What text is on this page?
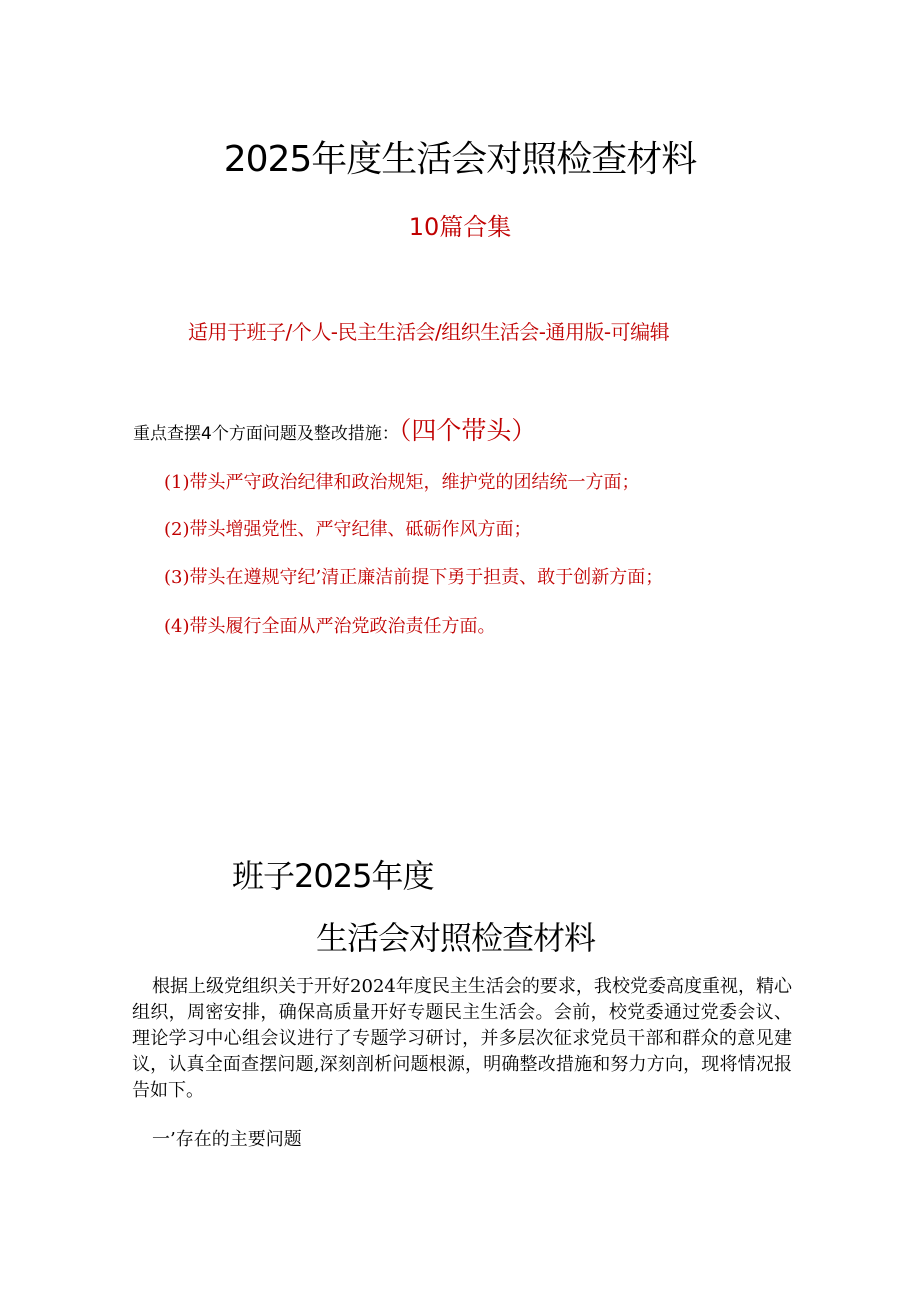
2025年度生活会对照检查材料
10篇合集
适用于班子/个人-民主生活会/组织生活会-通用版-可编辑
重点查摆4个方面问题及整改措施：（四个带头）
(1)带头严守政治纪律和政治规矩，维护党的团结统一方面；
(2)带头增强党性、严守纪律、砥砺作风方面；
(3)带头在遵规守纪’清正廉洁前提下勇于担责、敢于创新方面；
(4)带头履行全面从严治党政治责任方面。
班子2025年度
生活会对照检查材料
根据上级党组织关于开好2024年度民主生活会的要求，我校党委高度重视，精心组织，周密安排，确保高质量开好专题民主生活会。会前，校党委通过党委会议、理论学习中心组会议进行了专题学习研讨，并多层次征求党员干部和群众的意见建议，认真全面查摆问题,深刻剖析问题根源，明确整改措施和努力方向，现将情况报告如下。
一’存在的主要问题
